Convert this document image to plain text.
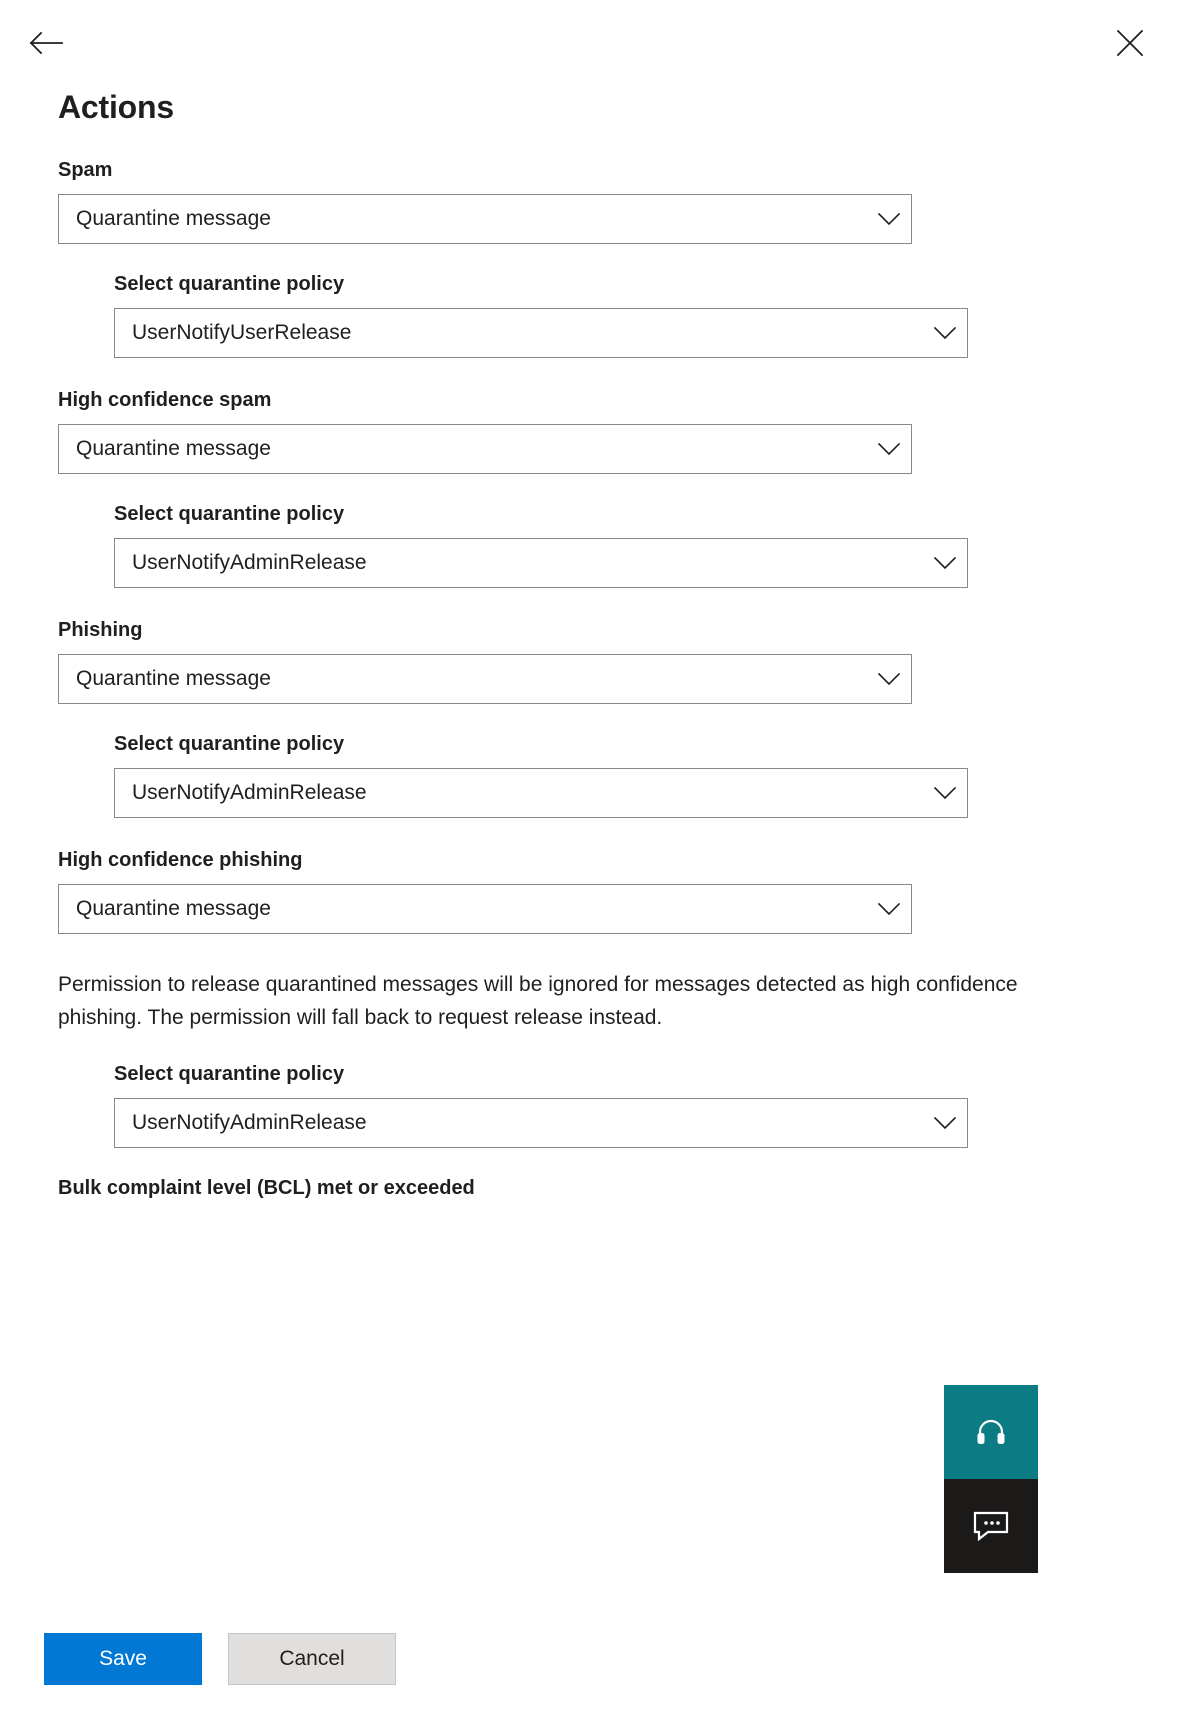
Actions
Spam
Quarantine message
Select quarantine policy
UserNotifyUserRelease
High confidence spam
Quarantine message
Select quarantine policy
UserNotifyAdminRelease
Phishing
Quarantine message
Select quarantine policy
UserNotifyAdminRelease
High confidence phishing
Quarantine message
Permission to release quarantined messages will be ignored for messages detected as high confidence phishing. The permission will fall back to request release instead.
Select quarantine policy
UserNotifyAdminRelease
Bulk complaint level (BCL) met or exceeded
Save	Cancel
